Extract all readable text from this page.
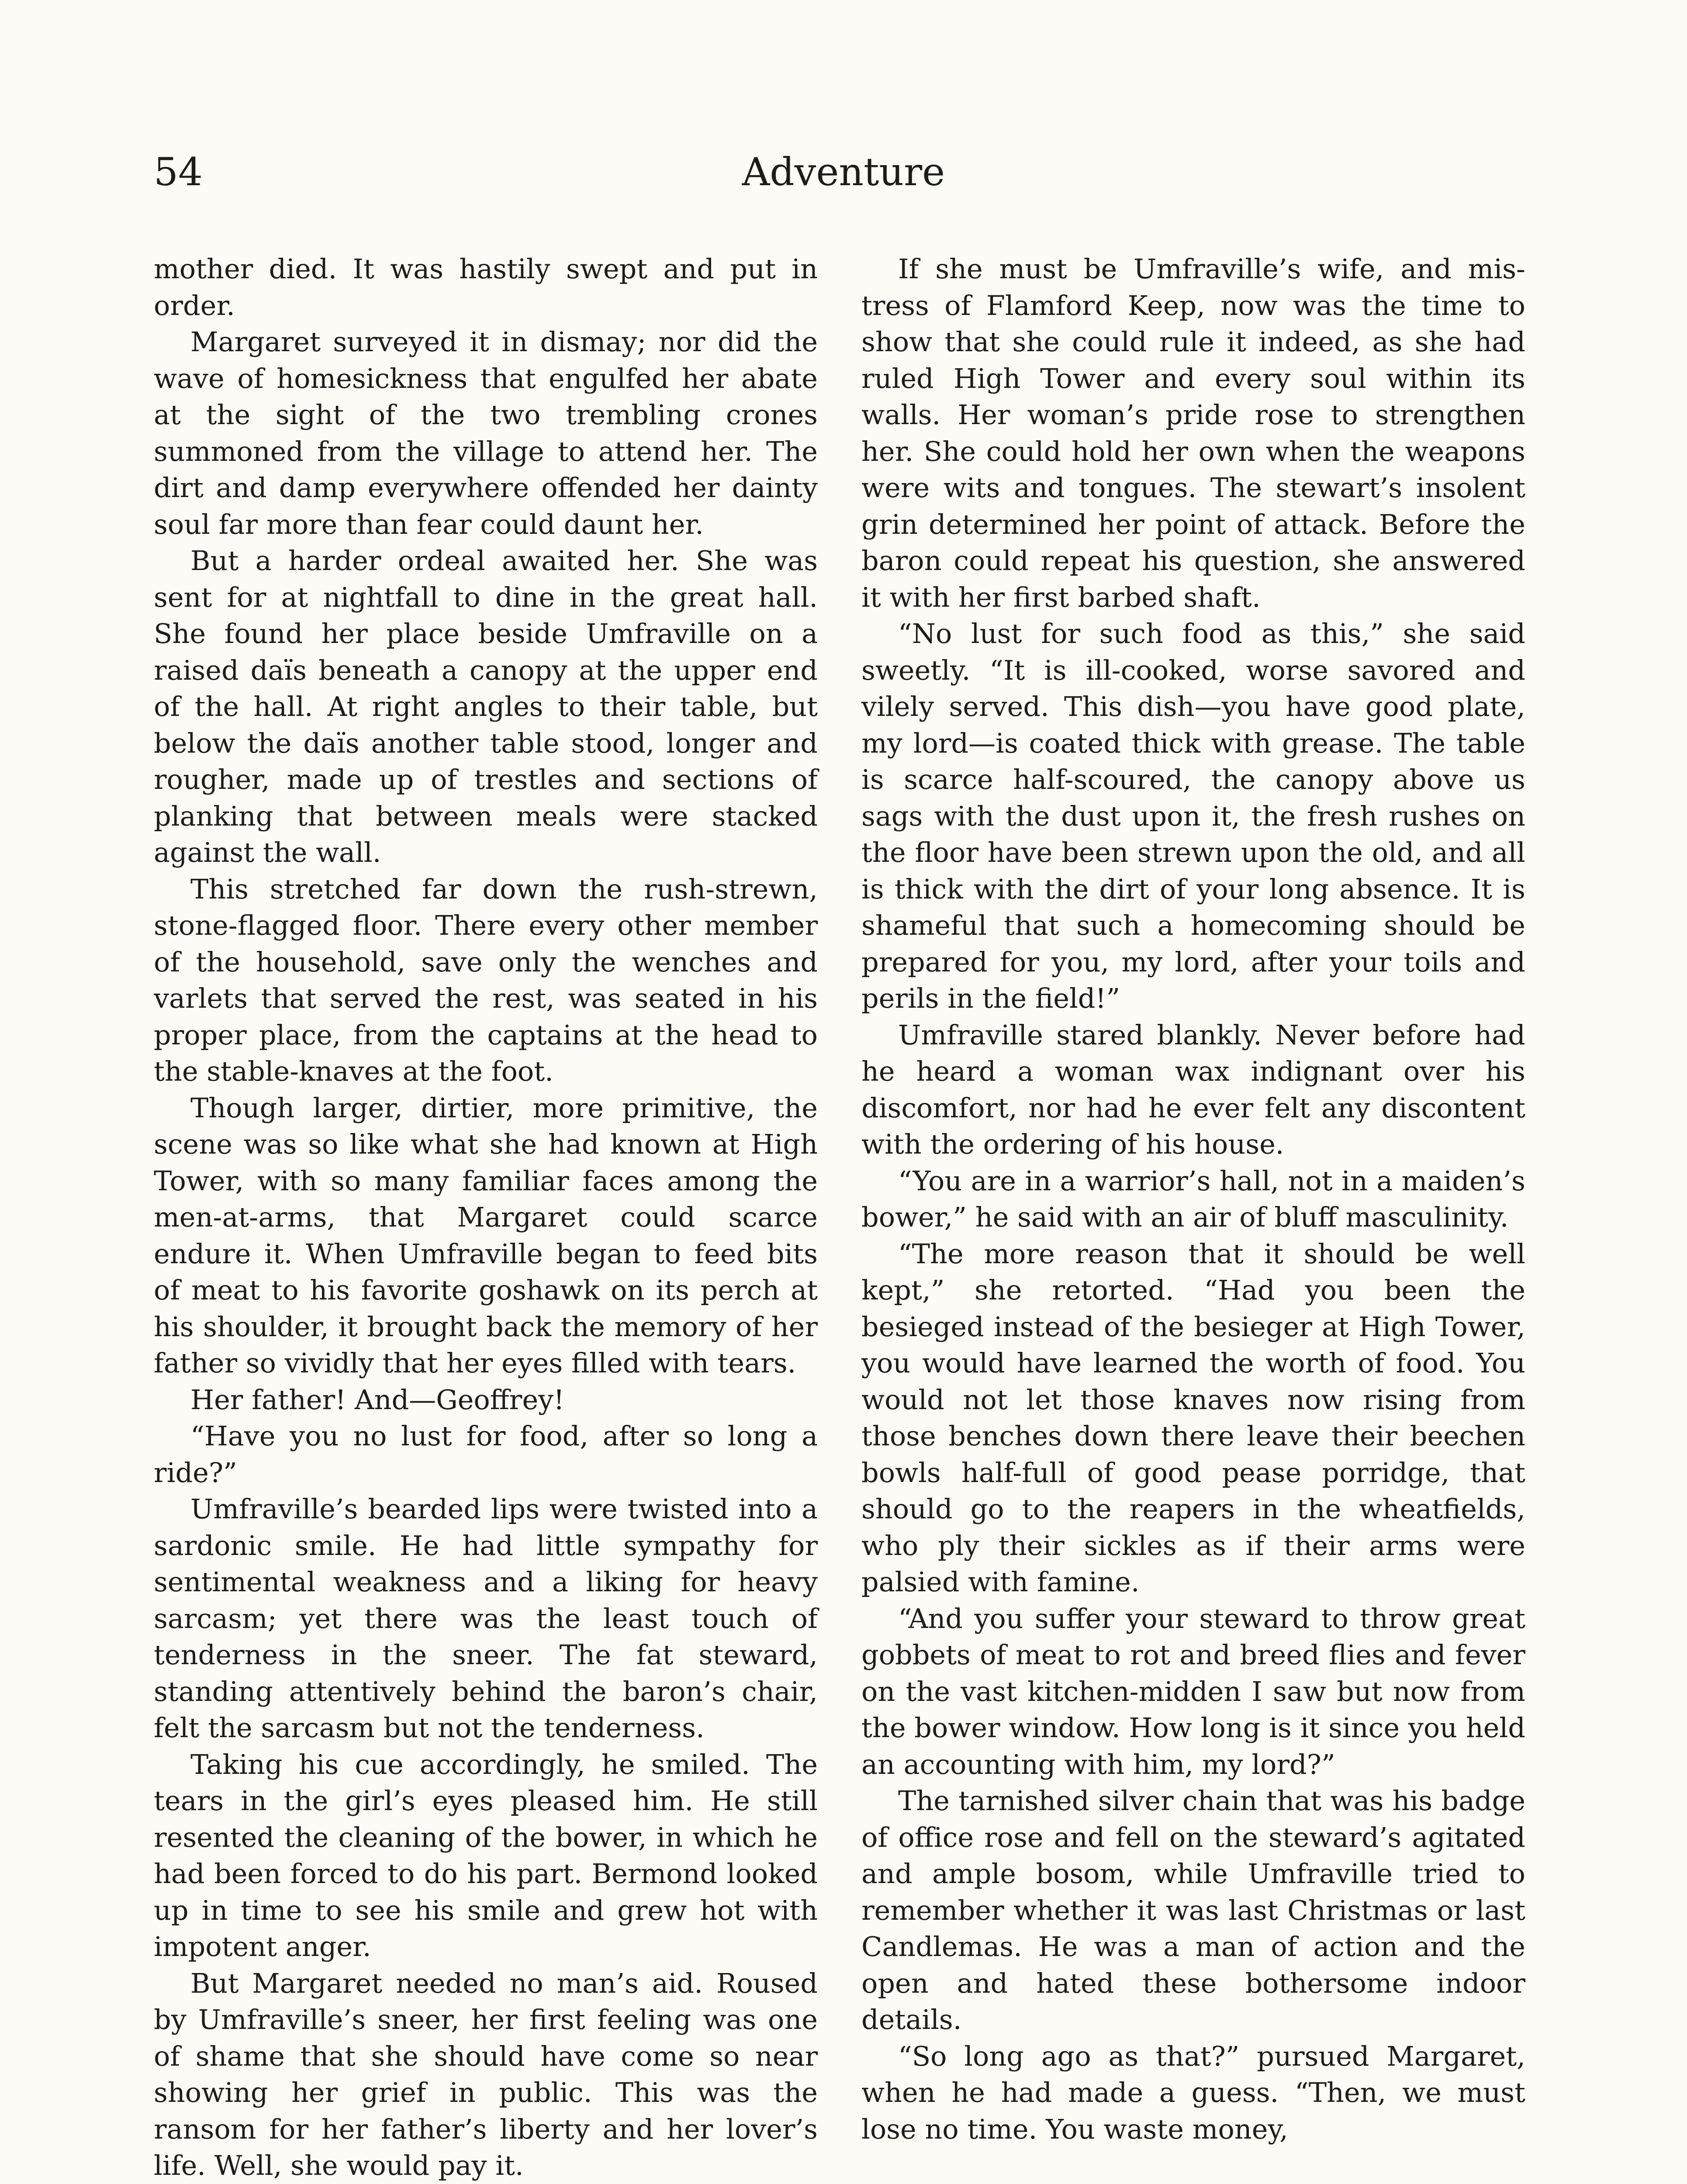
54	Adventure

mother died. It was hastily swept and put in order.

Margaret surveyed it in dismay; nor did the wave of homesickness that engulfed her abate at the sight of the two trembling crones summoned from the village to attend her. The dirt and damp everywhere offended her dainty soul far more than fear could daunt her.

But a harder ordeal awaited her. She was sent for at nightfall to dine in the great hall. She found her place beside Umfraville on a raised daïs beneath a canopy at the upper end of the hall. At right angles to their table, but below the daïs another table stood, longer and rougher, made up of trestles and sections of planking that between meals were stacked against the wall.

This stretched far down the rush-strewn, stone-flagged floor. There every other member of the household, save only the wenches and varlets that served the rest, was seated in his proper place, from the captains at the head to the stable-knaves at the foot.

Though larger, dirtier, more primitive, the scene was so like what she had known at High Tower, with so many familiar faces among the men-at-arms, that Margaret could scarce endure it. When Umfraville began to feed bits of meat to his favorite goshawk on its perch at his shoulder, it brought back the memory of her father so vividly that her eyes filled with tears.

Her father! And—Geoffrey!

“Have you no lust for food, after so long a ride?”

Umfraville’s bearded lips were twisted into a sardonic smile. He had little sympathy for sentimental weakness and a liking for heavy sarcasm; yet there was the least touch of tenderness in the sneer. The fat steward, standing attentively behind the baron’s chair, felt the sarcasm but not the tenderness.

Taking his cue accordingly, he smiled. The tears in the girl’s eyes pleased him. He still resented the cleaning of the bower, in which he had been forced to do his part. Bermond looked up in time to see his smile and grew hot with impotent anger.

But Margaret needed no man’s aid. Roused by Umfraville’s sneer, her first feeling was one of shame that she should have come so near showing her grief in public. This was the ransom for her father’s liberty and her lover’s life. Well, she would pay it.

If she must be Umfraville’s wife, and mistress of Flamford Keep, now was the time to show that she could rule it indeed, as she had ruled High Tower and every soul within its walls. Her woman’s pride rose to strengthen her. She could hold her own when the weapons were wits and tongues. The stewart’s insolent grin determined her point of attack. Before the baron could repeat his question, she answered it with her first barbed shaft.

“No lust for such food as this,” she said sweetly. “It is ill-cooked, worse savored and vilely served. This dish—you have good plate, my lord—is coated thick with grease. The table is scarce half-scoured, the canopy above us sags with the dust upon it, the fresh rushes on the floor have been strewn upon the old, and all is thick with the dirt of your long absence. It is shameful that such a homecoming should be prepared for you, my lord, after your toils and perils in the field!”

Umfraville stared blankly. Never before had he heard a woman wax indignant over his discomfort, nor had he ever felt any discontent with the ordering of his house.

“You are in a warrior’s hall, not in a maiden’s bower,” he said with an air of bluff masculinity.

“The more reason that it should be well kept,” she retorted. “Had you been the besieged instead of the besieger at High Tower, you would have learned the worth of food. You would not let those knaves now rising from those benches down there leave their beechen bowls half-full of good pease porridge, that should go to the reapers in the wheatfields, who ply their sickles as if their arms were palsied with famine.

“And you suffer your steward to throw great gobbets of meat to rot and breed flies and fever on the vast kitchen-midden I saw but now from the bower window. How long is it since you held an accounting with him, my lord?”

The tarnished silver chain that was his badge of office rose and fell on the steward’s agitated and ample bosom, while Umfraville tried to remember whether it was last Christmas or last Candlemas. He was a man of action and the open and hated these bothersome indoor details.

“So long ago as that?” pursued Margaret, when he had made a guess. “Then, we must lose no time. You waste money,
